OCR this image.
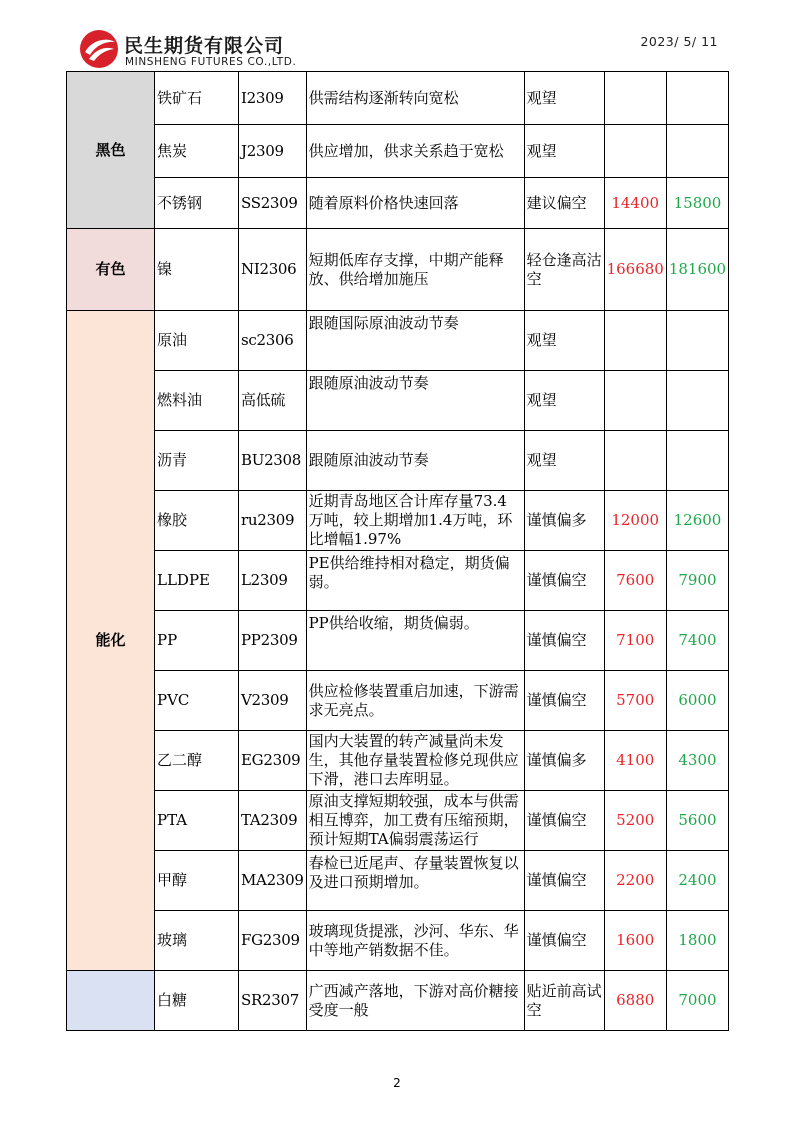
民生期货有限公司
MINSHENG FUTURES CO.,LTD.
2023/ 5/ 11
黑色	铁矿石	I2309	供需结构逐渐转向宽松	观望		
	焦炭	J2309	供应增加，供求关系趋于宽松	观望		
	不锈钢	SS2309	随着原料价格快速回落	建议偏空	14400	15800
有色	镍	NI2306	短期低库存支撑，中期产能释放、供给增加施压	轻仓逢高沽空	166680	181600
能化	原油	sc2306	跟随国际原油波动节奏	观望		
	燃料油	高低硫	跟随原油波动节奏	观望		
	沥青	BU2308	跟随原油波动节奏	观望		
	橡胶	ru2309	近期青岛地区合计库存量73.4万吨，较上期增加1.4万吨，环比增幅1.97%	谨慎偏多	12000	12600
	LLDPE	L2309	PE供给维持相对稳定，期货偏弱。	谨慎偏空	7600	7900
	PP	PP2309	PP供给收缩，期货偏弱。	谨慎偏空	7100	7400
	PVC	V2309	供应检修装置重启加速，下游需求无亮点。	谨慎偏空	5700	6000
	乙二醇	EG2309	国内大装置的转产减量尚未发生，其他存量装置检修兑现供应下滑，港口去库明显。	谨慎偏多	4100	4300
	PTA	TA2309	原油支撑短期较强，成本与供需相互博弈，加工费有压缩预期，预计短期TA偏弱震荡运行	谨慎偏空	5200	5600
	甲醇	MA2309	春检已近尾声、存量装置恢复以及进口预期增加。	谨慎偏空	2200	2400
	玻璃	FG2309	玻璃现货提涨，沙河、华东、华中等地产销数据不佳。	谨慎偏空	1600	1800
	白糖	SR2307	广西减产落地，下游对高价糖接受度一般	贴近前高试空	6880	7000
2
